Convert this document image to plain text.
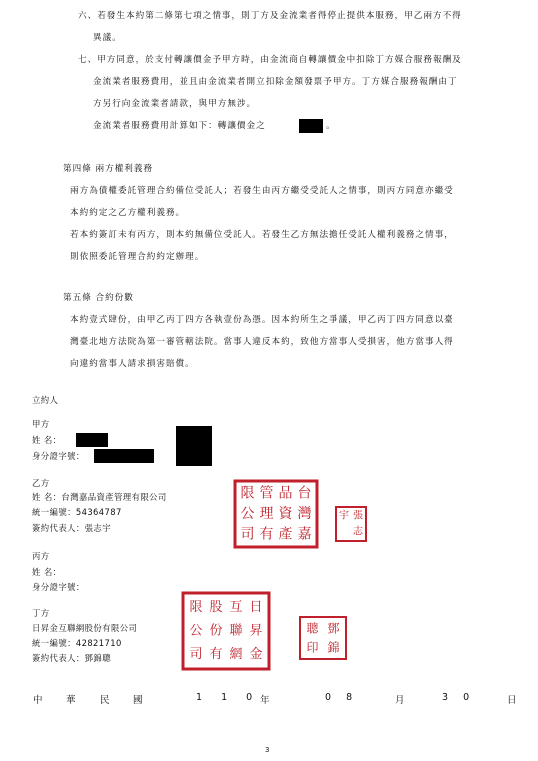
六、若發生本約第二條第七項之情事，則丁方及金流業者得停止提供本服務，甲乙兩方不得
異議。
七、甲方同意，於支付轉讓價金予甲方時，由金流商自轉讓價金中扣除丁方媒合服務報酬及
金流業者服務費用，並且由金流業者開立扣除金額發票予甲方。丁方媒合服務報酬由丁
方另行向金流業者請款，與甲方無涉。
金流業者服務費用計算如下：轉讓價金之	。
第四條 兩方權利義務
兩方為債權委託管理合約備位受託人；若發生由丙方繼受受託人之情事，則丙方同意亦繼受
本約約定之乙方權利義務。
若本約簽訂未有丙方，則本約無備位受託人。若發生乙方無法擔任受託人權利義務之情事，
則依照委託管理合約約定辦理。
第五條 合約份數
本約壹式肆份，由甲乙丙丁四方各執壹份為憑。因本約所生之爭議，甲乙丙丁四方同意以臺
灣臺北地方法院為第一審管轄法院。當事人違反本約，致他方當事人受損害，他方當事人得
向違約當事人請求損害賠償。
立約人
甲方
姓 名：
身分證字號：
乙方
姓 名：台灣嘉品資產管理有限公司
統一編號：54364787
簽約代表人：張志宇
丙方
姓 名：
身分證字號：
丁方
日昇金互聯網股份有限公司
統一編號：42821710
簽約代表人：鄧錦聰
台
灣
嘉
品
資
產
管
理
有
限
公
司
張
志
宇
日
昇
金
互
聯
網
股
份
有
限
公
司
鄧
錦
聰
印
中 華	民 國	1 1 0 年	0 8	月	3 0	日
3
